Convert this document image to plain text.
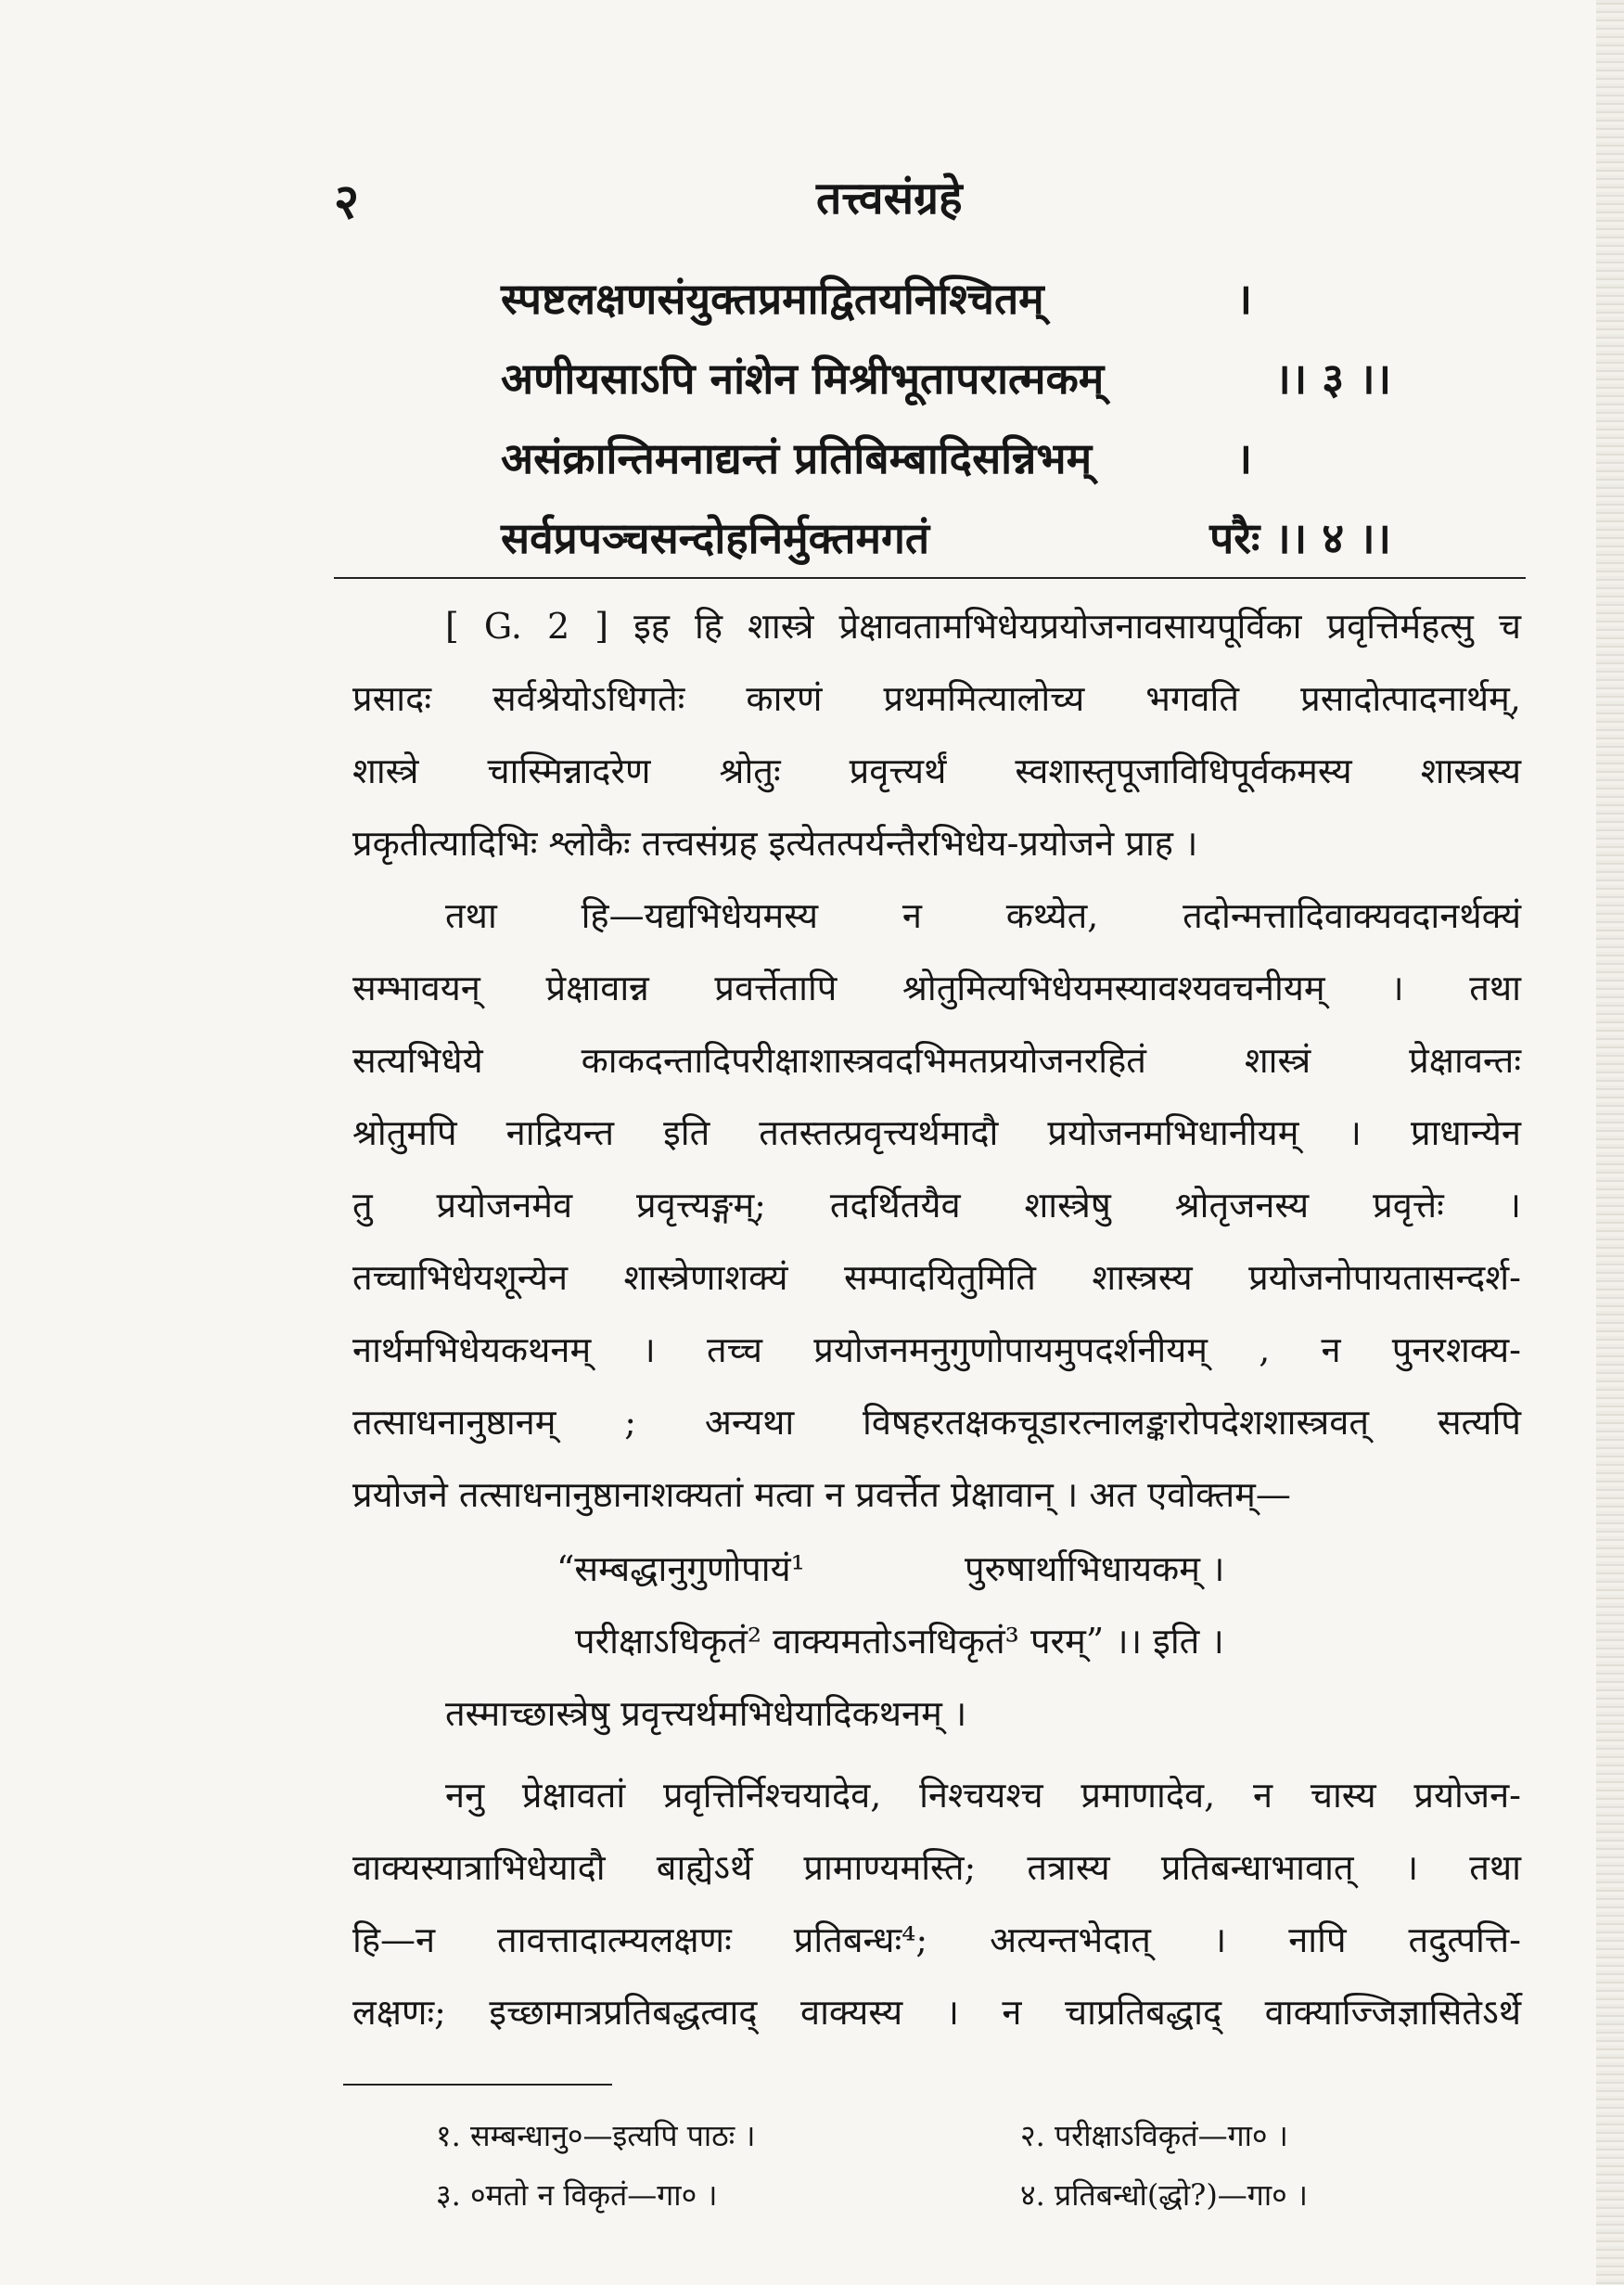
२	तत्त्वसंग्रहे
स्पष्टलक्षणसंयुक्तप्रमाद्वितयनिश्चितम्	।
अणीयसाऽपि नांशेन मिश्रीभूतापरात्मकम्	।। ३ ।।
असंक्रान्तिमनाद्यन्तं प्रतिबिम्बादिसन्निभम्	।
सर्वप्रपञ्चसन्दोहनिर्मुक्तमगतं	परैः ।। ४ ।।
[ G. 2 ] इह हि शास्त्रे प्रेक्षावतामभिधेयप्रयोजनावसायपूर्विका प्रवृत्तिर्महत्सु च
प्रसादः सर्वश्रेयोऽधिगतेः कारणं प्रथममित्यालोच्य भगवति प्रसादोत्पादनार्थम्,
शास्त्रे चास्मिन्नादरेण श्रोतुः प्रवृत्त्यर्थं स्वशास्तृपूजाविधिपूर्वकमस्य शास्त्रस्य
प्रकृतीत्यादिभिः श्लोकैः तत्त्वसंग्रह इत्येतत्पर्यन्तैरभिधेय-प्रयोजने प्राह ।
तथा हि—यद्यभिधेयमस्य न कथ्येत, तदोन्मत्तादिवाक्यवदानर्थक्यं
सम्भावयन् प्रेक्षावान्न प्रवर्त्तेतापि श्रोतुमित्यभिधेयमस्यावश्यवचनीयम् । तथा
सत्यभिधेये काकदन्तादिपरीक्षाशास्त्रवदभिमतप्रयोजनरहितं शास्त्रं प्रेक्षावन्तः
श्रोतुमपि नाद्रियन्त इति ततस्तत्प्रवृत्त्यर्थमादौ प्रयोजनमभिधानीयम् । प्राधान्येन
तु प्रयोजनमेव प्रवृत्त्यङ्गम्; तदर्थितयैव शास्त्रेषु श्रोतृजनस्य प्रवृत्तेः ।
तच्चाभिधेयशून्येन शास्त्रेणाशक्यं सम्पादयितुमिति शास्त्रस्य प्रयोजनोपायतासन्दर्श-
नार्थमभिधेयकथनम् । तच्च प्रयोजनमनुगुणोपायमुपदर्शनीयम् , न पुनरशक्य-
तत्साधनानुष्ठानम् ; अन्यथा विषहरतक्षकचूडारत्नालङ्कारोपदेशशास्त्रवत् सत्यपि
प्रयोजने तत्साधनानुष्ठानाशक्यतां मत्वा न प्रवर्त्तेत प्रेक्षावान् । अत एवोक्तम्—
“सम्बद्धानुगुणोपायं¹	पुरुषार्थाभिधायकम् ।
परीक्षाऽधिकृतं² वाक्यमतोऽनधिकृतं³ परम्” ।। इति ।
तस्माच्छास्त्रेषु प्रवृत्त्यर्थमभिधेयादिकथनम् ।
ननु प्रेक्षावतां प्रवृत्तिर्निश्चयादेव, निश्चयश्च प्रमाणादेव, न चास्य प्रयोजन-
वाक्यस्यात्राभिधेयादौ बाह्येऽर्थे प्रामाण्यमस्ति; तत्रास्य प्रतिबन्धाभावात् । तथा
हि—न तावत्तादात्म्यलक्षणः प्रतिबन्धः⁴; अत्यन्तभेदात् । नापि तदुत्पत्ति-
लक्षणः; इच्छामात्रप्रतिबद्धत्वाद् वाक्यस्य । न चाप्रतिबद्धाद् वाक्याज्जिज्ञासितेऽर्थे
१. सम्बन्धानु०—इत्यपि पाठः ।	२. परीक्षाऽविकृतं—गा० ।
३. ०मतो न विकृतं—गा० ।	४. प्रतिबन्धो(द्धो?)—गा० ।
